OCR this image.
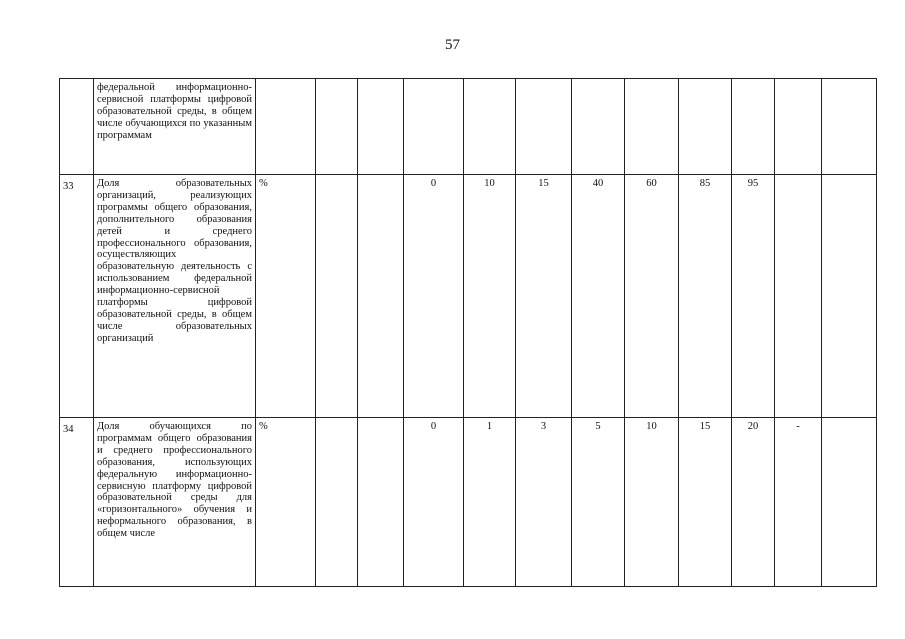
57
	федеральной информационно-сервисной платформы цифровой образовательной среды, в общем числе обучающихся по указанным программам												
33	Доля образовательных организаций, реализующих программы общего образования, дополнительного образования детей и среднего профессионального образования, осуществляющих образовательную деятельность с использованием федеральной информационно-сервисной платформы цифровой образовательной среды, в общем числе образовательных организаций	%			0	10	15	40	60	85	95		
34	Доля обучающихся по программам общего образования и среднего профессионального образования, использующих федеральную информационно-сервисную платформу цифровой образовательной среды для «горизонтального» обучения и неформального образования, в общем числе	%			0	1	3	5	10	15	20	-	
